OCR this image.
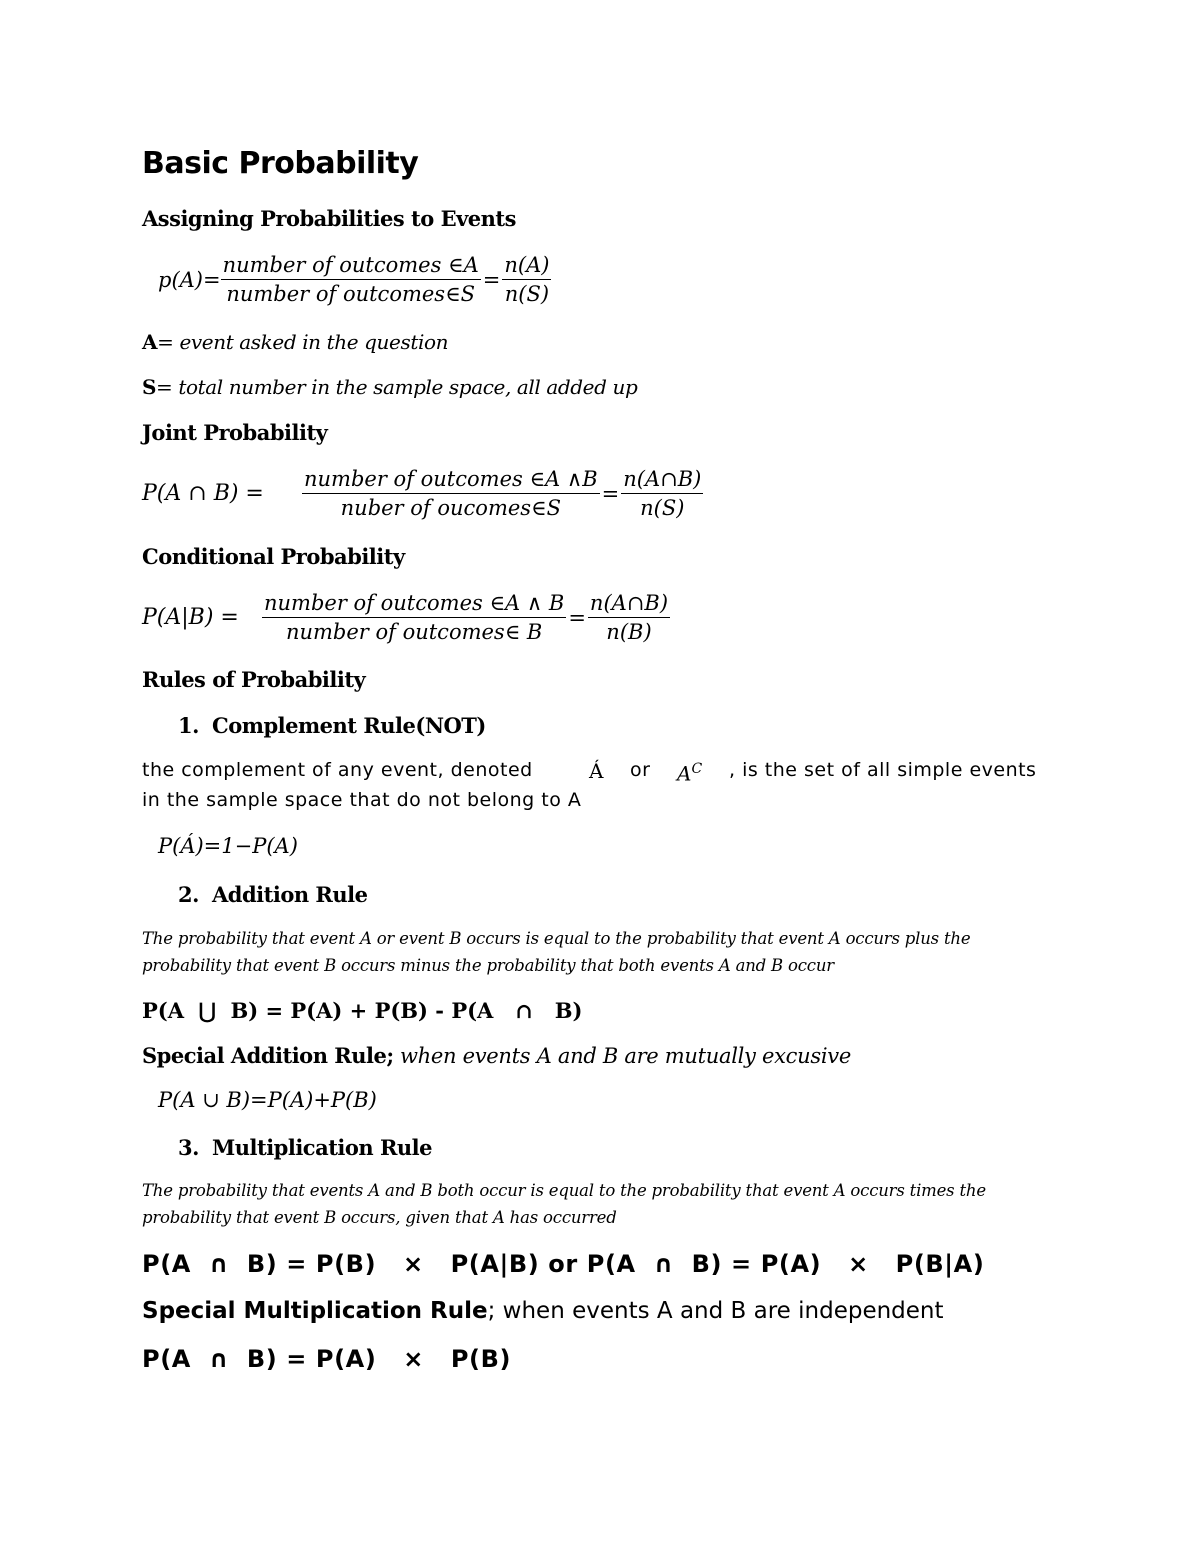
Basic Probability
Assigning Probabilities to Events
$p(A)= \frac{\text{number of outcomes ∈A}}{\text{number of outcomes∈S}} = \frac{n(A)}{n(S)}$
A= event asked in the question
S= total number in the sample space, all added up
Joint Probability
P(A ∩ B) =	$\frac{\text{number of outcomes ∈A ∧B}}{\text{nuber of oucomes∈S}} = \frac{n(A\cap B)}{n(S)}$
Conditional Probability
P(A|B) =	$\frac{\text{number of outcomes ∈A ∧ B}}{\text{number of outcomes∈ B}} = \frac{n(A\cap B)}{n(B)}$
Rules of Probability
1. Complement Rule(NOT)
the complement of any event, denoted	Á or $A^C$ , is the set of all simple events
in the sample space that do not belong to A
P(Á)=1−P(A)
2. Addition Rule
The probability that event A or event B occurs is equal to the probability that event A occurs plus the
probability that event B occurs minus the probability that both events A and B occur
P(A  ⋃  B) = P(A) + P(B) - P(A   ∩   B)
Special Addition Rule; when events A and B are mutually excusive
P(A ∪ B)=P(A)+P(B)
3. Multiplication Rule
The probability that events A and B both occur is equal to the probability that event A occurs times the
probability that event B occurs, given that A has occurred
P(A  ∩  B) = P(B)   ×   P(A|B) or P(A  ∩  B) = P(A)   ×   P(B|A)
Special Multiplication Rule; when events A and B are independent
P(A  ∩  B) = P(A)   ×   P(B)
